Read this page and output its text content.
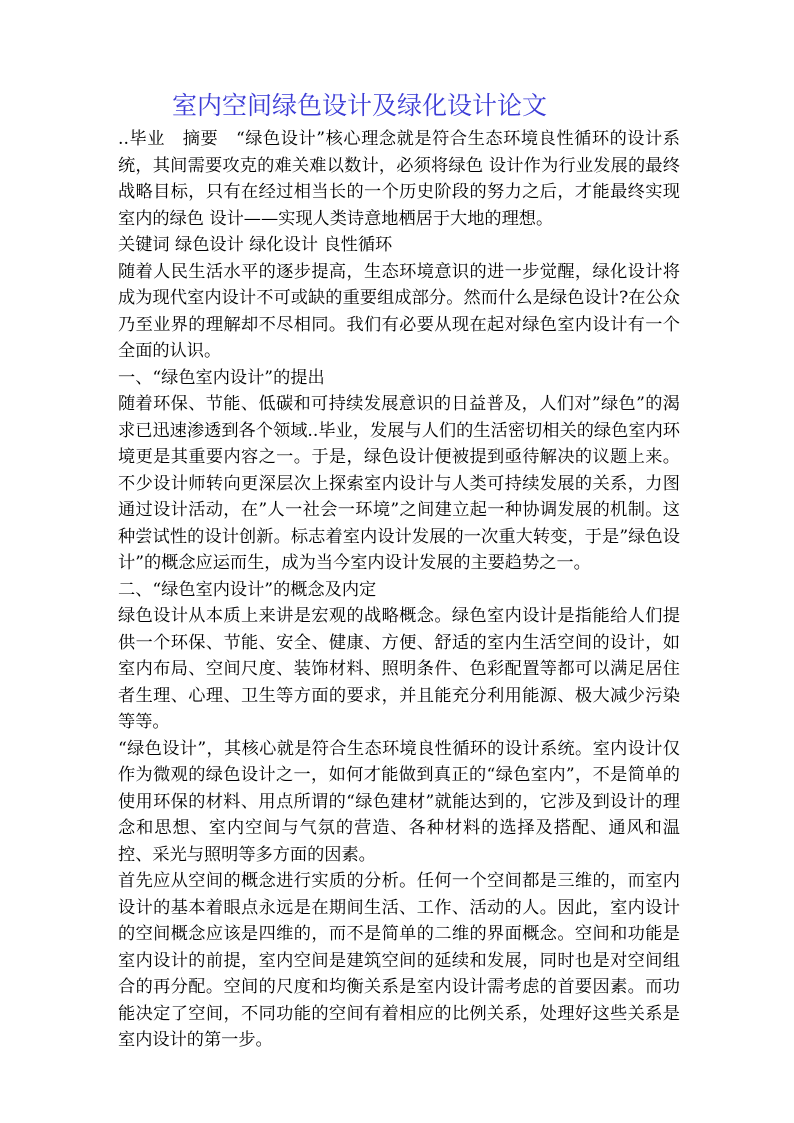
室内空间绿色设计及绿化设计论文

..毕业　摘要　“绿色设计”核心理念就是符合生态环境良性循环的设计系统，其间需要攻克的难关难以数计，必须将绿色 设计作为行业发展的最终战略目标，只有在经过相当长的一个历史阶段的努力之后，才能最终实现室内的绿色 设计——实现人类诗意地栖居于大地的理想。

关键词 绿色设计 绿化设计 良性循环

随着人民生活水平的逐步提高，生态环境意识的进一步觉醒，绿化设计将成为现代室内设计不可或缺的重要组成部分。然而什么是绿色设计?在公众乃至业界的理解却不尽相同。我们有必要从现在起对绿色室内设计有一个全面的认识。

一、“绿色室内设计”的提出

随着环保、节能、低碳和可持续发展意识的日益普及，人们对”绿色”的渴求已迅速渗透到各个领域..毕业，发展与人们的生活密切相关的绿色室内环境更是其重要内容之一。于是，绿色设计便被提到亟待解决的议题上来。不少设计师转向更深层次上探索室内设计与人类可持续发展的关系，力图通过设计活动，在”人一社会一环境”之间建立起一种协调发展的机制。这种尝试性的设计创新。标志着室内设计发展的一次重大转变，于是”绿色设计”的概念应运而生，成为当今室内设计发展的主要趋势之一。

二、“绿色室内设计”的概念及内定

绿色设计从本质上来讲是宏观的战略概念。绿色室内设计是指能给人们提供一个环保、节能、安全、健康、方便、舒适的室内生活空间的设计，如室内布局、空间尺度、装饰材料、照明条件、色彩配置等都可以满足居住者生理、心理、卫生等方面的要求，并且能充分利用能源、极大减少污染等等。

“绿色设计”，其核心就是符合生态环境良性循环的设计系统。室内设计仅作为微观的绿色设计之一，如何才能做到真正的“绿色室内”，不是简单的使用环保的材料、用点所谓的“绿色建材”就能达到的，它涉及到设计的理念和思想、室内空间与气氛的营造、各种材料的选择及搭配、通风和温控、采光与照明等多方面的因素。

首先应从空间的概念进行实质的分析。任何一个空间都是三维的，而室内设计的基本着眼点永远是在期间生活、工作、活动的人。因此，室内设计的空间概念应该是四维的，而不是简单的二维的界面概念。空间和功能是室内设计的前提，室内空间是建筑空间的延续和发展，同时也是对空间组合的再分配。空间的尺度和均衡关系是室内设计需考虑的首要因素。而功能决定了空间，不同功能的空间有着相应的比例关系，处理好这些关系是室内设计的第一步。
